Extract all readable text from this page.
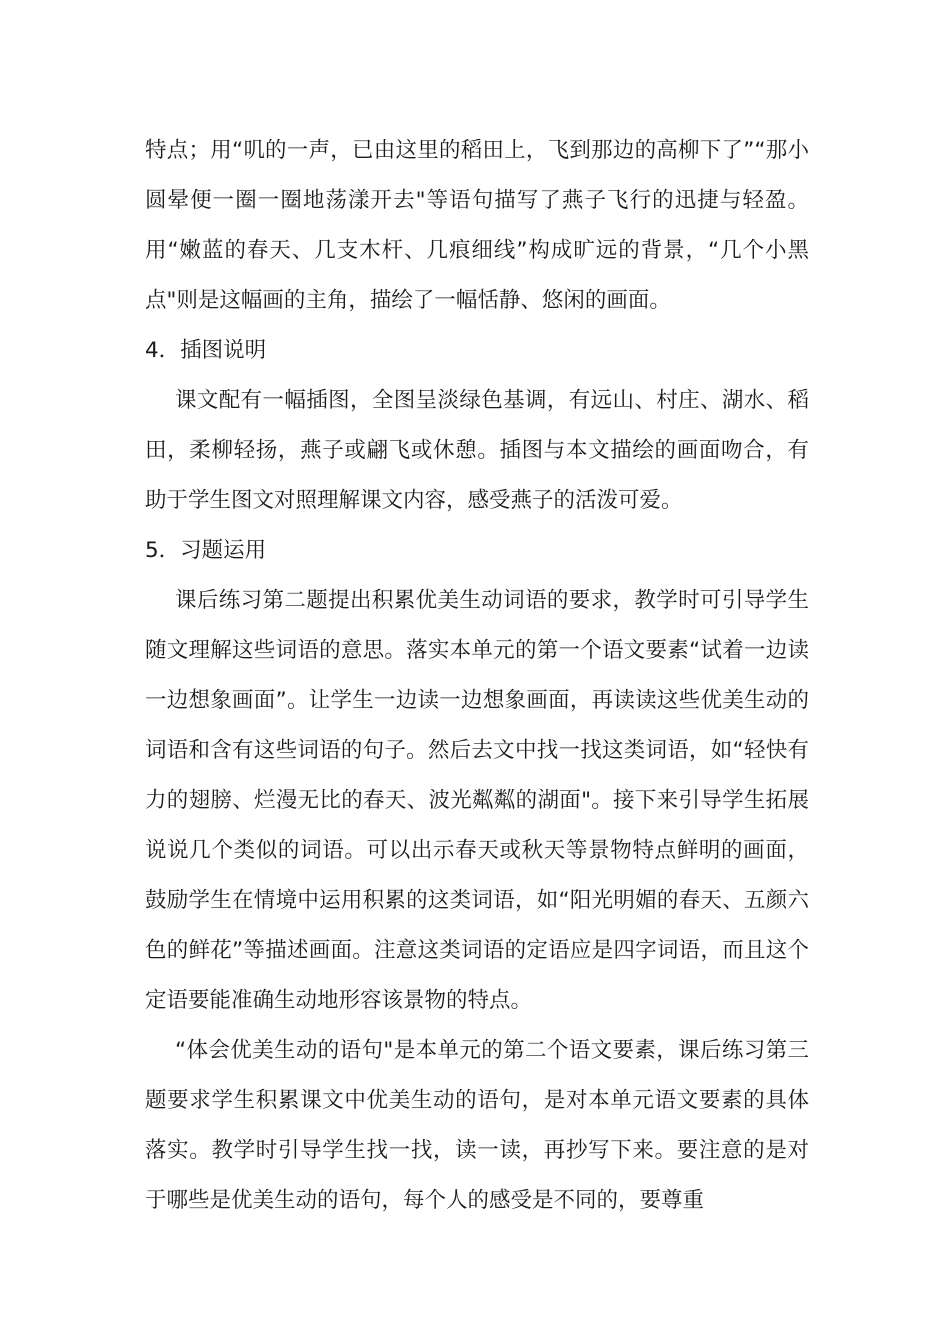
特点；用“叽的一声，已由这里的稻田上，飞到那边的高柳下了”“那小圆晕便一圈一圈地荡漾开去"等语句描写了燕子飞行的迅捷与轻盈。用“嫩蓝的春天、几支木杆、几痕细线”构成旷远的背景，“几个小黑点"则是这幅画的主角，描绘了一幅恬静、悠闲的画面。

4．插图说明

课文配有一幅插图，全图呈淡绿色基调，有远山、村庄、湖水、稻田，柔柳轻扬，燕子或翩飞或休憩。插图与本文描绘的画面吻合，有助于学生图文对照理解课文内容，感受燕子的活泼可爱。

5．习题运用

课后练习第二题提出积累优美生动词语的要求，教学时可引导学生随文理解这些词语的意思。落实本单元的第一个语文要素“试着一边读一边想象画面”。让学生一边读一边想象画面，再读读这些优美生动的词语和含有这些词语的句子。然后去文中找一找这类词语，如“轻快有力的翅膀、烂漫无比的春天、波光粼粼的湖面"。接下来引导学生拓展说说几个类似的词语。可以出示春天或秋天等景物特点鲜明的画面，鼓励学生在情境中运用积累的这类词语，如“阳光明媚的春天、五颜六色的鲜花”等描述画面。注意这类词语的定语应是四字词语，而且这个定语要能准确生动地形容该景物的特点。

“体会优美生动的语句"是本单元的第二个语文要素，课后练习第三题要求学生积累课文中优美生动的语句，是对本单元语文要素的具体落实。教学时引导学生找一找，读一读，再抄写下来。要注意的是对于哪些是优美生动的语句，每个人的感受是不同的，要尊重
